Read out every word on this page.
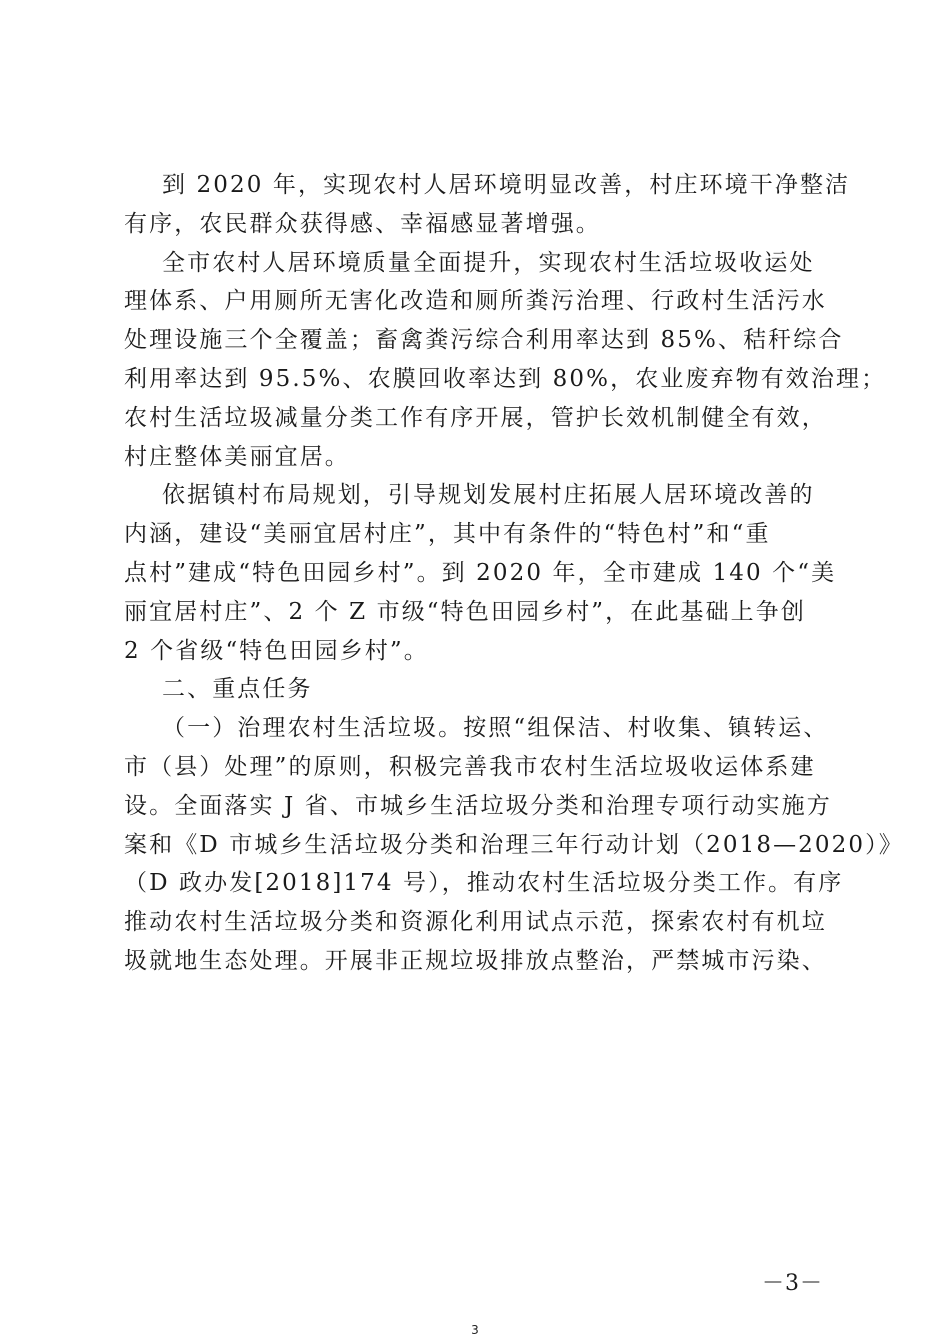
到 2020 年，实现农村人居环境明显改善，村庄环境干净整洁
有序，农民群众获得感、幸福感显著增强。

全市农村人居环境质量全面提升，实现农村生活垃圾收运处
理体系、户用厕所无害化改造和厕所粪污治理、行政村生活污水
处理设施三个全覆盖；畜禽粪污综合利用率达到 85%、秸秆综合
利用率达到 95.5%、农膜回收率达到 80%，农业废弃物有效治理；
农村生活垃圾减量分类工作有序开展，管护长效机制健全有效，
村庄整体美丽宜居。

依据镇村布局规划，引导规划发展村庄拓展人居环境改善的
内涵，建设“美丽宜居村庄”，其中有条件的“特色村”和“重
点村”建成“特色田园乡村”。到 2020 年，全市建成 140 个“美
丽宜居村庄”、2 个 Z 市级“特色田园乡村”，在此基础上争创
2 个省级“特色田园乡村”。

二、重点任务

（一）治理农村生活垃圾。按照“组保洁、村收集、镇转运、
市（县）处理”的原则，积极完善我市农村生活垃圾收运体系建
设。全面落实 J 省、市城乡生活垃圾分类和治理专项行动实施方
案和《D 市城乡生活垃圾分类和治理三年行动计划（2018—2020）》
（D 政办发[2018]174 号），推动农村生活垃圾分类工作。有序
推动农村生活垃圾分类和资源化利用试点示范，探索农村有机垃
圾就地生态处理。开展非正规垃圾排放点整治，严禁城市污染、

－3－
3
